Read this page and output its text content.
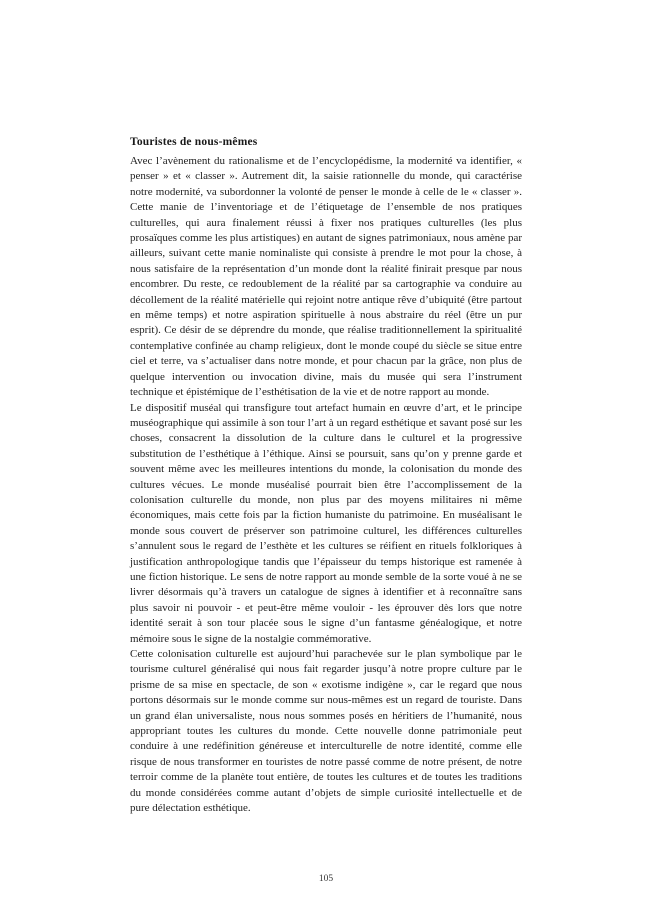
Touristes de nous-mêmes

Avec l’avènement du rationalisme et de l’encyclopédisme, la modernité va identifier, « penser » et « classer ». Autrement dit, la saisie rationnelle du monde, qui caractérise notre modernité, va subordonner la volonté de penser le monde à celle de le « classer ». Cette manie de l’inventoriage et de l’étiquetage de l’ensemble de nos pratiques culturelles, qui aura finalement réussi à fixer nos pratiques culturelles (les plus prosaïques comme les plus artistiques) en autant de signes patrimoniaux, nous amène par ailleurs, suivant cette manie nominaliste qui consiste à prendre le mot pour la chose, à nous satisfaire de la représentation d’un monde dont la réalité finirait presque par nous encombrer. Du reste, ce redoublement de la réalité par sa cartographie va conduire au décollement de la réalité matérielle qui rejoint notre antique rêve d’ubiquité (être partout en même temps) et notre aspiration spirituelle à nous abstraire du réel (être un pur esprit). Ce désir de se déprendre du monde, que réalise traditionnellement la spiritualité contemplative confinée au champ religieux, dont le monde coupé du siècle se situe entre ciel et terre, va s’actualiser dans notre monde, et pour chacun par la grâce, non plus de quelque intervention ou invocation divine, mais du musée qui sera l’instrument technique et épistémique de l’esthétisation de la vie et de notre rapport au monde.

Le dispositif muséal qui transfigure tout artefact humain en œuvre d’art, et le principe muséographique qui assimile à son tour l’art à un regard esthétique et savant posé sur les choses, consacrent la dissolution de la culture dans le culturel et la progressive substitution de l’esthétique à l’éthique. Ainsi se poursuit, sans qu’on y prenne garde et souvent même avec les meilleures intentions du monde, la colonisation du monde des cultures vécues. Le monde muséalisé pourrait bien être l’accomplissement de la colonisation culturelle du monde, non plus par des moyens militaires ni même économiques, mais cette fois par la fiction humaniste du patrimoine. En muséalisant le monde sous couvert de préserver son patrimoine culturel, les différences culturelles s’annulent sous le regard de l’esthète et les cultures se réifient en rituels folkloriques à justification anthropologique tandis que l’épaisseur du temps historique est ramenée à une fiction historique. Le sens de notre rapport au monde semble de la sorte voué à ne se livrer désormais qu’à travers un catalogue de signes à identifier et à reconnaître sans plus savoir ni pouvoir - et peut-être même vouloir - les éprouver dès lors que notre identité serait à son tour placée sous le signe d’un fantasme généalogique, et notre mémoire sous le signe de la nostalgie commémorative.

Cette colonisation culturelle est aujourd’hui parachevée sur le plan symbolique par le tourisme culturel généralisé qui nous fait regarder jusqu’à notre propre culture par le prisme de sa mise en spectacle, de son « exotisme indigène », car le regard que nous portons désormais sur le monde comme sur nous-mêmes est un regard de touriste. Dans un grand élan universaliste, nous nous sommes posés en héritiers de l’humanité, nous appropriant toutes les cultures du monde. Cette nouvelle donne patrimoniale peut conduire à une redéfinition généreuse et interculturelle de notre identité, comme elle risque de nous transformer en touristes de notre passé comme de notre présent, de notre terroir comme de la planète tout entière, de toutes les cultures et de toutes les traditions du monde considérées comme autant d’objets de simple curiosité intellectuelle et de pure délectation esthétique.

105
